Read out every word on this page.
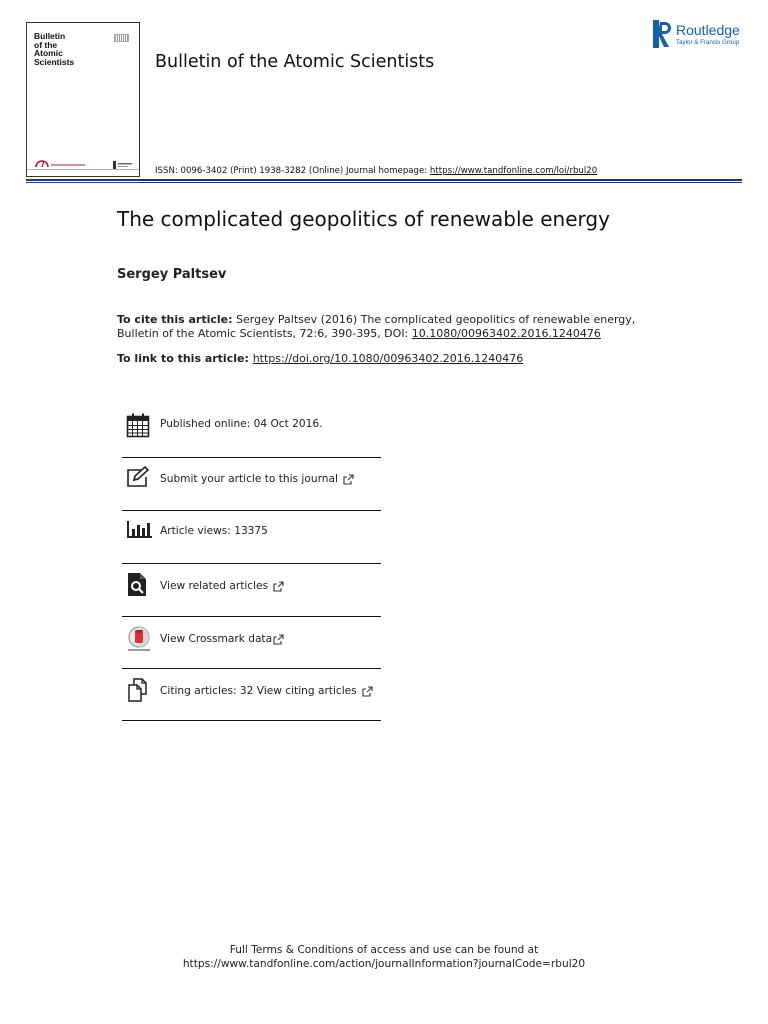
Bulletin
of the
Atomic
Scientists	Bulletin of the Atomic Scientists
Routledge
Taylor & Francis Group
ISSN: 0096-3402 (Print) 1938-3282 (Online) Journal homepage: https://www.tandfonline.com/loi/rbul20
The complicated geopolitics of renewable energy
Sergey Paltsev
To cite this article: Sergey Paltsev (2016) The complicated geopolitics of renewable energy, Bulletin of the Atomic Scientists, 72:6, 390-395, DOI: 10.1080/00963402.2016.1240476
To link to this article: https://doi.org/10.1080/00963402.2016.1240476
Published online: 04 Oct 2016.
Submit your article to this journal
Article views: 13375
View related articles
View Crossmark data
Citing articles: 32 View citing articles
Full Terms & Conditions of access and use can be found at
https://www.tandfonline.com/action/journalInformation?journalCode=rbul20
